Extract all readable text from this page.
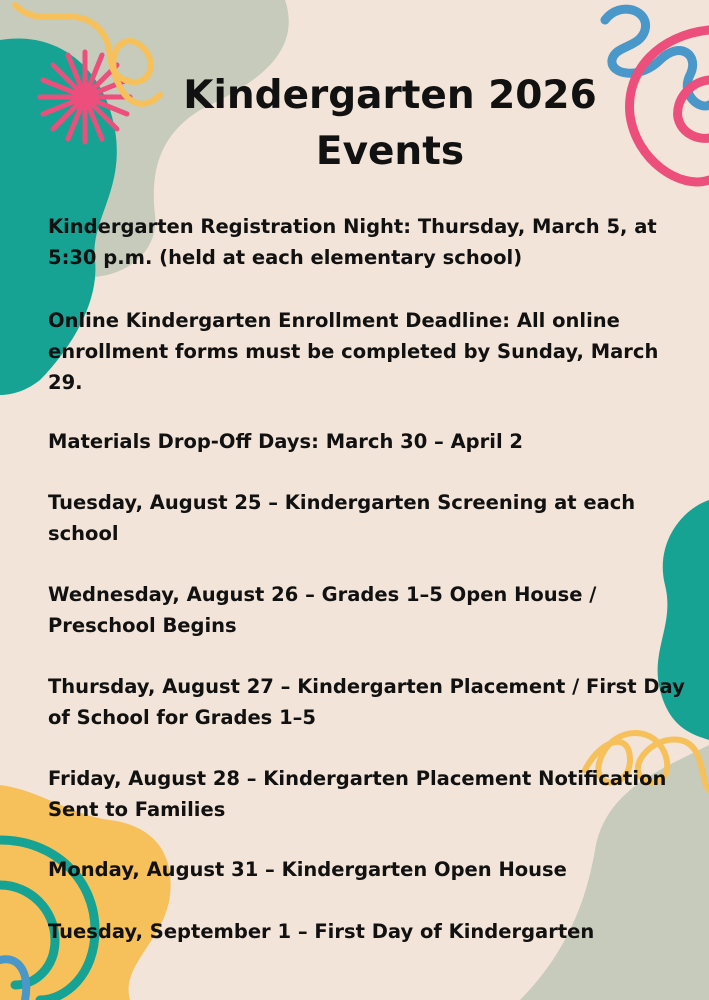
Kindergarten 2026 Events
Kindergarten Registration Night: Thursday, March 5, at 5:30 p.m. (held at each elementary school)
Online Kindergarten Enrollment Deadline: All online enrollment forms must be completed by Sunday, March 29.
Materials Drop-Off Days: March 30 – April 2
Tuesday, August 25 – Kindergarten Screening at each school
Wednesday, August 26 – Grades 1–5 Open House / Preschool Begins
Thursday, August 27 – Kindergarten Placement / First Day of School for Grades 1–5
Friday, August 28 – Kindergarten Placement Notification Sent to Families
Monday, August 31 – Kindergarten Open House
Tuesday, September 1 – First Day of Kindergarten
